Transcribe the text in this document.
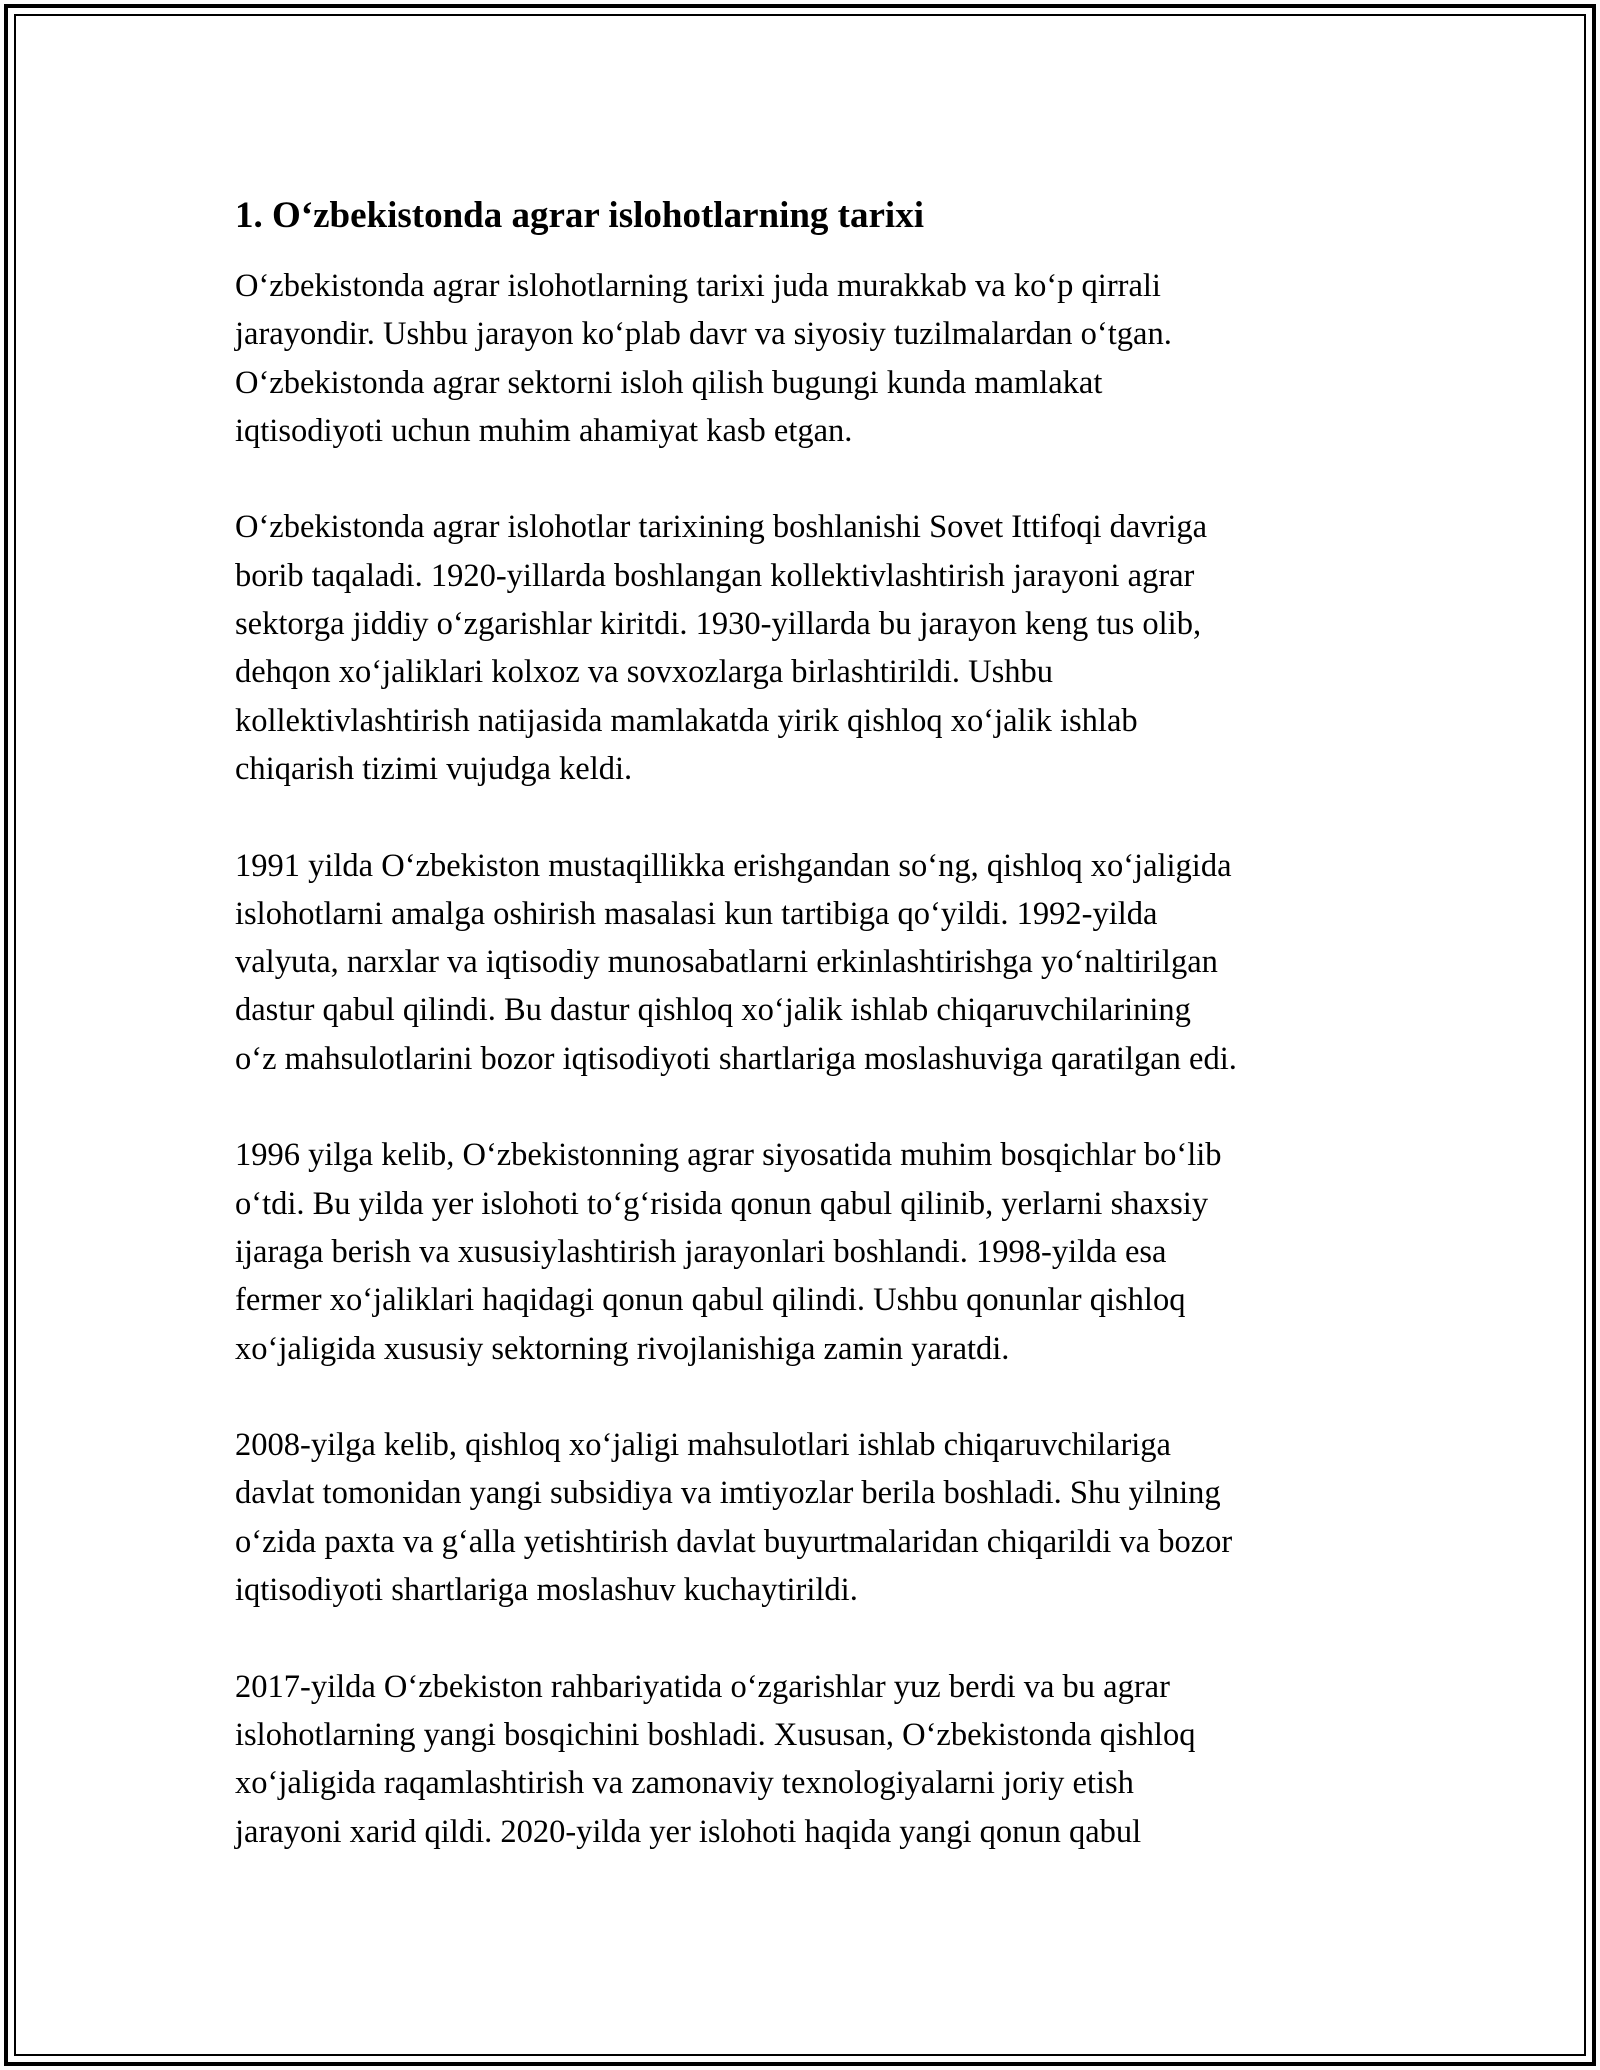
1. O‘zbekistonda agrar islohotlarning tarixi

O‘zbekistonda agrar islohotlarning tarixi juda murakkab va ko‘p qirrali
jarayondir. Ushbu jarayon ko‘plab davr va siyosiy tuzilmalardan o‘tgan.
O‘zbekistonda agrar sektorni isloh qilish bugungi kunda mamlakat
iqtisodiyoti uchun muhim ahamiyat kasb etgan.

O‘zbekistonda agrar islohotlar tarixining boshlanishi Sovet Ittifoqi davriga
borib taqaladi. 1920-yillarda boshlangan kollektivlashtirish jarayoni agrar
sektorga jiddiy o‘zgarishlar kiritdi. 1930-yillarda bu jarayon keng tus olib,
dehqon xo‘jaliklari kolxoz va sovxozlarga birlashtirildi. Ushbu
kollektivlashtirish natijasida mamlakatda yirik qishloq xo‘jalik ishlab
chiqarish tizimi vujudga keldi.

1991 yilda O‘zbekiston mustaqillikka erishgandan so‘ng, qishloq xo‘jaligida
islohotlarni amalga oshirish masalasi kun tartibiga qo‘yildi. 1992-yilda
valyuta, narxlar va iqtisodiy munosabatlarni erkinlashtirishga yo‘naltirilgan
dastur qabul qilindi. Bu dastur qishloq xo‘jalik ishlab chiqaruvchilarining
o‘z mahsulotlarini bozor iqtisodiyoti shartlariga moslashuviga qaratilgan edi.

1996 yilga kelib, O‘zbekistonning agrar siyosatida muhim bosqichlar bo‘lib
o‘tdi. Bu yilda yer islohoti to‘g‘risida qonun qabul qilinib, yerlarni shaxsiy
ijaraga berish va xususiylashtirish jarayonlari boshlandi. 1998-yilda esa
fermer xo‘jaliklari haqidagi qonun qabul qilindi. Ushbu qonunlar qishloq
xo‘jaligida xususiy sektorning rivojlanishiga zamin yaratdi.

2008-yilga kelib, qishloq xo‘jaligi mahsulotlari ishlab chiqaruvchilariga
davlat tomonidan yangi subsidiya va imtiyozlar berila boshladi. Shu yilning
o‘zida paxta va g‘alla yetishtirish davlat buyurtmalaridan chiqarildi va bozor
iqtisodiyoti shartlariga moslashuv kuchaytirildi.

2017-yilda O‘zbekiston rahbariyatida o‘zgarishlar yuz berdi va bu agrar
islohotlarning yangi bosqichini boshladi. Xususan, O‘zbekistonda qishloq
xo‘jaligida raqamlashtirish va zamonaviy texnologiyalarni joriy etish
jarayoni xarid qildi. 2020-yilda yer islohoti haqida yangi qonun qabul
